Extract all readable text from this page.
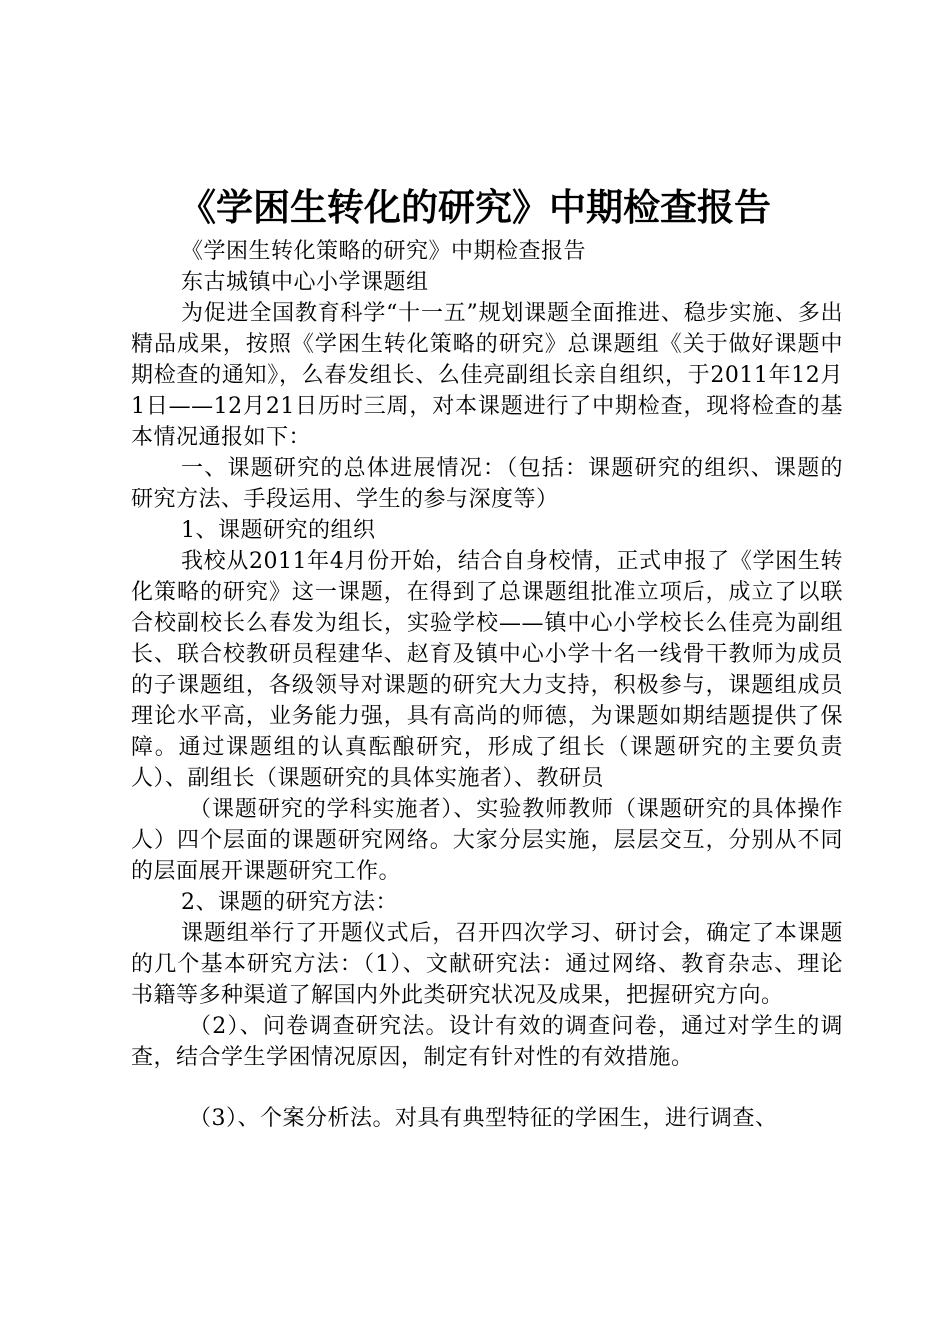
《学困生转化的研究》中期检查报告

《学困生转化策略的研究》中期检查报告

东古城镇中心小学课题组

为促进全国教育科学“十一五”规划课题全面推进、稳步实施、多出精品成果，按照《学困生转化策略的研究》总课题组《关于做好课题中期检查的通知》，么春发组长、么佳亮副组长亲自组织，于2011年12月1日——12月21日历时三周，对本课题进行了中期检查，现将检查的基本情况通报如下：

一、课题研究的总体进展情况：（包括：课题研究的组织、课题的研究方法、手段运用、学生的参与深度等）

1、课题研究的组织

我校从2011年4月份开始，结合自身校情，正式申报了《学困生转化策略的研究》这一课题，在得到了总课题组批准立项后，成立了以联合校副校长么春发为组长，实验学校——镇中心小学校长么佳亮为副组长、联合校教研员程建华、赵育及镇中心小学十名一线骨干教师为成员的子课题组，各级领导对课题的研究大力支持，积极参与，课题组成员理论水平高，业务能力强，具有高尚的师德，为课题如期结题提供了保障。通过课题组的认真酝酿研究，形成了组长（课题研究的主要负责人）、副组长（课题研究的具体实施者）、教研员

（课题研究的学科实施者）、实验教师教师（课题研究的具体操作人）四个层面的课题研究网络。大家分层实施，层层交互，分别从不同的层面展开课题研究工作。

2、课题的研究方法：

课题组举行了开题仪式后，召开四次学习、研讨会，确定了本课题的几个基本研究方法：（1）、文献研究法：通过网络、教育杂志、理论书籍等多种渠道了解国内外此类研究状况及成果，把握研究方向。

（2）、问卷调查研究法。设计有效的调查问卷，通过对学生的调查，结合学生学困情况原因，制定有针对性的有效措施。

（3）、个案分析法。对具有典型特征的学困生，进行调查、
